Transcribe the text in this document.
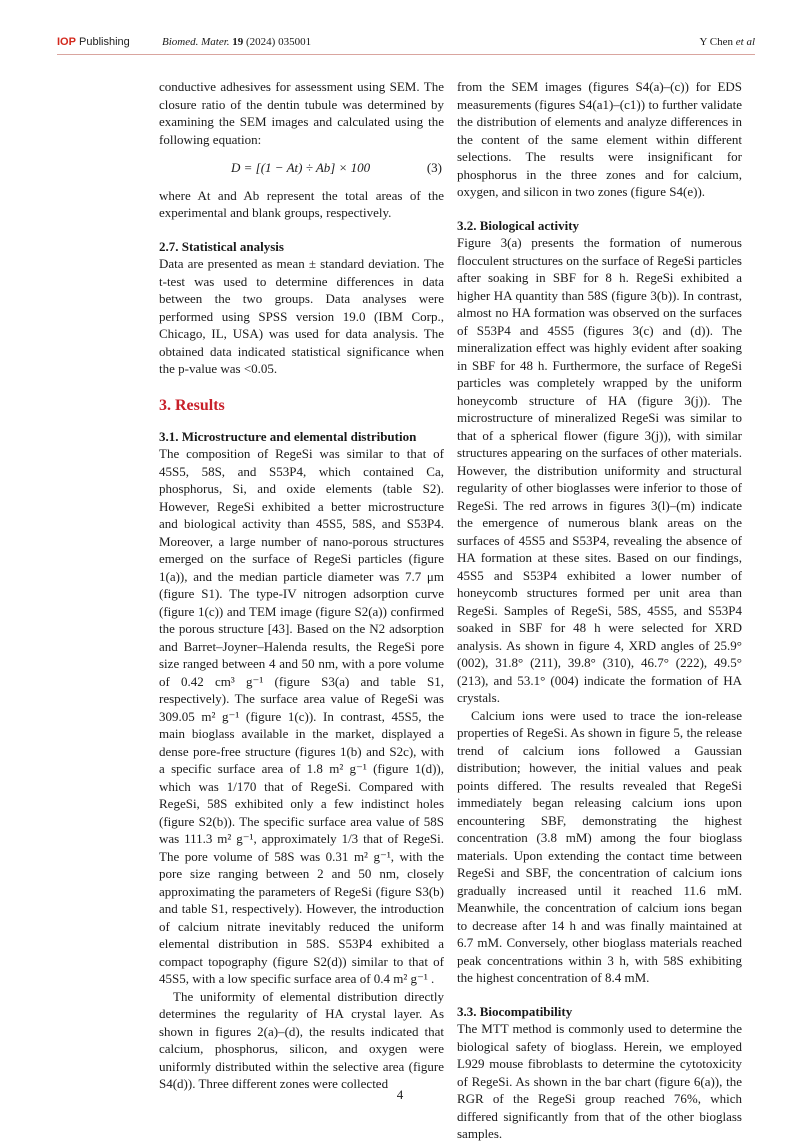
IOP Publishing	Biomed. Mater. 19 (2024) 035001	Y Chen et al

conductive adhesives for assessment using SEM. The closure ratio of the dentin tubule was determined by examining the SEM images and calculated using the following equation:

D = [(1 − At) ÷ Ab] × 100	(3)

where At and Ab represent the total areas of the experimental and blank groups, respectively.

2.7. Statistical analysis

Data are presented as mean ± standard deviation. The t-test was used to determine differences in data between the two groups. Data analyses were performed using SPSS version 19.0 (IBM Corp., Chicago, IL, USA) was used for data analysis. The obtained data indicated statistical significance when the p-value was <0.05.

3. Results
3.1. Microstructure and elemental distribution

The composition of RegeSi was similar to that of 45S5, 58S, and S53P4, which contained Ca, phosphorus, Si, and oxide elements (table S2). However, RegeSi exhibited a better microstructure and biological activity than 45S5, 58S, and S53P4. Moreover, a large number of nano-porous structures emerged on the surface of RegeSi particles (figure 1(a)), and the median particle diameter was 7.7 μm (figure S1). The type-IV nitrogen adsorption curve (figure 1(c)) and TEM image (figure S2(a)) confirmed the porous structure [43]. Based on the N2 adsorption and Barret–Joyner–Halenda results, the RegeSi pore size ranged between 4 and 50 nm, with a pore volume of 0.42 cm³ g⁻¹ (figure S3(a) and table S1, respectively). The surface area value of RegeSi was 309.05 m² g⁻¹ (figure 1(c)). In contrast, 45S5, the main bioglass available in the market, displayed a dense pore-free structure (figures 1(b) and S2c), with a specific surface area of 1.8 m² g⁻¹ (figure 1(d)), which was 1/170 that of RegeSi. Compared with RegeSi, 58S exhibited only a few indistinct holes (figure S2(b)). The specific surface area value of 58S was 111.3 m² g⁻¹, approximately 1/3 that of RegeSi. The pore volume of 58S was 0.31 m² g⁻¹, with the pore size ranging between 2 and 50 nm, closely approximating the parameters of RegeSi (figure S3(b) and table S1, respectively). However, the introduction of calcium nitrate inevitably reduced the uniform elemental distribution in 58S. S53P4 exhibited a compact topography (figure S2(d)) similar to that of 45S5, with a low specific surface area of 0.4 m² g⁻¹ .

The uniformity of elemental distribution directly determines the regularity of HA crystal layer. As shown in figures 2(a)–(d), the results indicated that calcium, phosphorus, silicon, and oxygen were uniformly distributed within the selective area (figure S4(d)). Three different zones were collected

from the SEM images (figures S4(a)–(c)) for EDS measurements (figures S4(a1)–(c1)) to further validate the distribution of elements and analyze differences in the content of the same element within different selections. The results were insignificant for phosphorus in the three zones and for calcium, oxygen, and silicon in two zones (figure S4(e)).

3.2. Biological activity

Figure 3(a) presents the formation of numerous flocculent structures on the surface of RegeSi particles after soaking in SBF for 8 h. RegeSi exhibited a higher HA quantity than 58S (figure 3(b)). In contrast, almost no HA formation was observed on the surfaces of S53P4 and 45S5 (figures 3(c) and (d)). The mineralization effect was highly evident after soaking in SBF for 48 h. Furthermore, the surface of RegeSi particles was completely wrapped by the uniform honeycomb structure of HA (figure 3(j)). The microstructure of mineralized RegeSi was similar to that of a spherical flower (figure 3(j)), with similar structures appearing on the surfaces of other materials. However, the distribution uniformity and structural regularity of other bioglasses were inferior to those of RegeSi. The red arrows in figures 3(l)–(m) indicate the emergence of numerous blank areas on the surfaces of 45S5 and S53P4, revealing the absence of HA formation at these sites. Based on our findings, 45S5 and S53P4 exhibited a lower number of honeycomb structures formed per unit area than RegeSi. Samples of RegeSi, 58S, 45S5, and S53P4 soaked in SBF for 48 h were selected for XRD analysis. As shown in figure 4, XRD angles of 25.9° (002), 31.8° (211), 39.8° (310), 46.7° (222), 49.5° (213), and 53.1° (004) indicate the formation of HA crystals.

Calcium ions were used to trace the ion-release properties of RegeSi. As shown in figure 5, the release trend of calcium ions followed a Gaussian distribution; however, the initial values and peak points differed. The results revealed that RegeSi immediately began releasing calcium ions upon encountering SBF, demonstrating the highest concentration (3.8 mM) among the four bioglass materials. Upon extending the contact time between RegeSi and SBF, the concentration of calcium ions gradually increased until it reached 11.6 mM. Meanwhile, the concentration of calcium ions began to decrease after 14 h and was finally maintained at 6.7 mM. Conversely, other bioglass materials reached peak concentrations within 3 h, with 58S exhibiting the highest concentration of 8.4 mM.

3.3. Biocompatibility

The MTT method is commonly used to determine the biological safety of bioglass. Herein, we employed L929 mouse fibroblasts to determine the cytotoxicity of RegeSi. As shown in the bar chart (figure 6(a)), the RGR of the RegeSi group reached 76%, which differed significantly from that of the other bioglass samples.

4
